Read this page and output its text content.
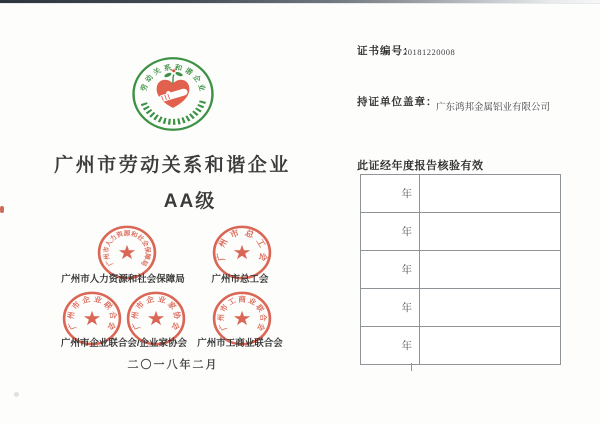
劳
动
关 系 和 谐
企
业
广州市劳动关系和谐企业
AA级
★
广
州
市
人
力
资 源 和
社
会
保
障
局	★
广
州
市 总
工
会
★
广
州
市
企 业
联
合
会 ★
广
州
市
企 业
家
协
会 ★
广
州
市
工 商 业
联
合
会
广州市人力资源和社会保障局	广州市总工会
广州市企业联合会/企业家协会	广州市工商业联合会
二〇一八年二月
证书编号：
20181220008
持证单位盖章：
广东鸿邦金属铝业有限公司
此证经年度报告核验有效
年
年
年
年
年
